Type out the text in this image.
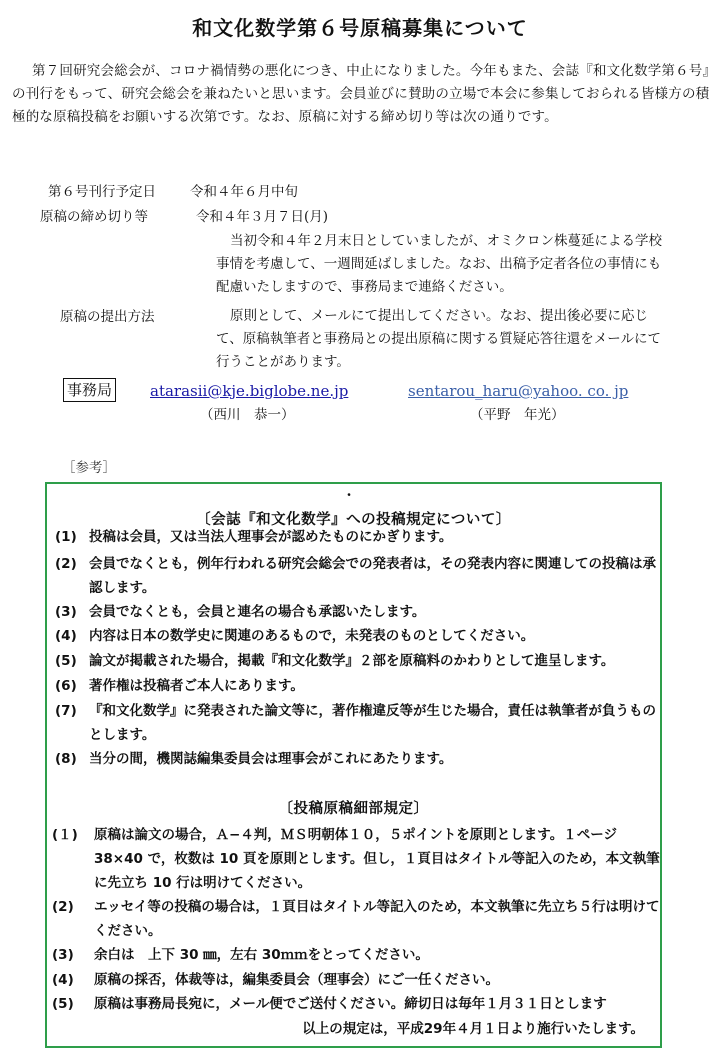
和文化数学第６号原稿募集について
第７回研究会総会が、コロナ禍情勢の悪化につき、中止になりました。今年もまた、会誌『和文化数学第６号』の刊行をもって、研究会総会を兼ねたいと思います。会員並びに賛助の立場で本会に参集しておられる皆様方の積極的な原稿投稿をお願いする次第です。なお、原稿に対する締め切り等は次の通りです。
第６号刊行予定日	令和４年６月中旬
原稿の締め切り等	令和４年３月７日(月)
当初令和４年２月末日としていましたが、オミクロン株蔓延による学校事情を考慮して、一週間延ばしました。なお、出稿予定者各位の事情にも配慮いたしますので、事務局まで連絡ください。
原稿の提出方法	原則として、メールにて提出してください。なお、提出後必要に応じて、原稿執筆者と事務局との提出原稿に関する質疑応答往還をメールにて行うことがあります。
事務局	atarasii@kje.biglobe.ne.jp	sentarou_haru@yahoo. co. jp
（西川　恭一）	（平野　年光）
［参考］
・
〔会誌『和文化数学』への投稿規定について〕
(1) 投稿は会員，又は当法人理事会が認めたものにかぎります。
(2) 会員でなくとも，例年行われる研究会総会での発表者は，その発表内容に関連しての投稿は承認します。
(3) 会員でなくとも，会員と連名の場合も承認いたします。
(4) 内容は日本の数学史に関連のあるもので，未発表のものとしてください。
(5) 論文が掲載された場合，掲載『和文化数学』２部を原稿料のかわりとして進呈します。
(6) 著作権は投稿者ご本人にあります。
(7) 『和文化数学』に発表された論文等に，著作権違反等が生じた場合，責任は執筆者が負うものとします。
(8) 当分の間，機関誌編集委員会は理事会がこれにあたります。
〔投稿原稿細部規定〕
(１) 原稿は論文の場合，Ａ−４判，ＭＳ明朝体１０，５ポイントを原則とします。１ページ 38×40 で，枚数は 10 頁を原則とします。但し，１頁目はタイトル等記入のため，本文執筆に先立ち 10 行は明けてください。
(2) エッセイ等の投稿の場合は，１頁目はタイトル等記入のため，本文執筆に先立ち５行は明けてください。
(3) 余白は　上下 30 ㎜，左右 30ｍｍをとってください。
(4) 原稿の採否，体裁等は，編集委員会（理事会）にご一任ください。
(5) 原稿は事務局長宛に，メール便でご送付ください。締切日は毎年１月３１日とします
以上の規定は，平成29年４月１日より施行いたします。
